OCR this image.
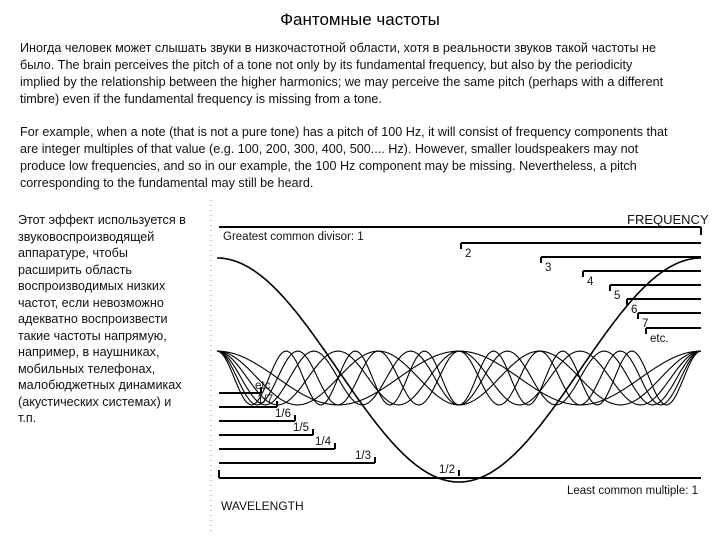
Фантомные частоты

Иногда человек может слышать звуки в низкочастотной области, хотя в реальности звуков такой частоты не было. The brain perceives the pitch of a tone not only by its fundamental frequency, but also by the periodicity implied by the relationship between the higher harmonics; we may perceive the same pitch (perhaps with a different timbre) even if the fundamental frequency is missing from a tone.

For example, when a note (that is not a pure tone) has a pitch of 100 Hz, it will consist of frequency components that are integer multiples of that value (e.g. 100, 200, 300, 400, 500.... Hz). However, smaller loudspeakers may not produce low frequencies, and so in our example, the 100 Hz component may be missing. Nevertheless, a pitch corresponding to the fundamental may still be heard.

Этот эффект используется в звуковоспроизводящей аппаратуре, чтобы расширить область воспроизводимых низких частот, если невозможно адекватно воспроизвести такие частоты напрямую, например, в наушниках, мобильных телефонах, малобюджетных динамиках (акустических системах) и т.п.

FREQUENCY
Greatest common divisor: 1
2
3
4
5
6
7
etc.
etc
1/7
1/6
1/5
1/4
1/3
1/2
Least common multiple: 1
WAVELENGTH
